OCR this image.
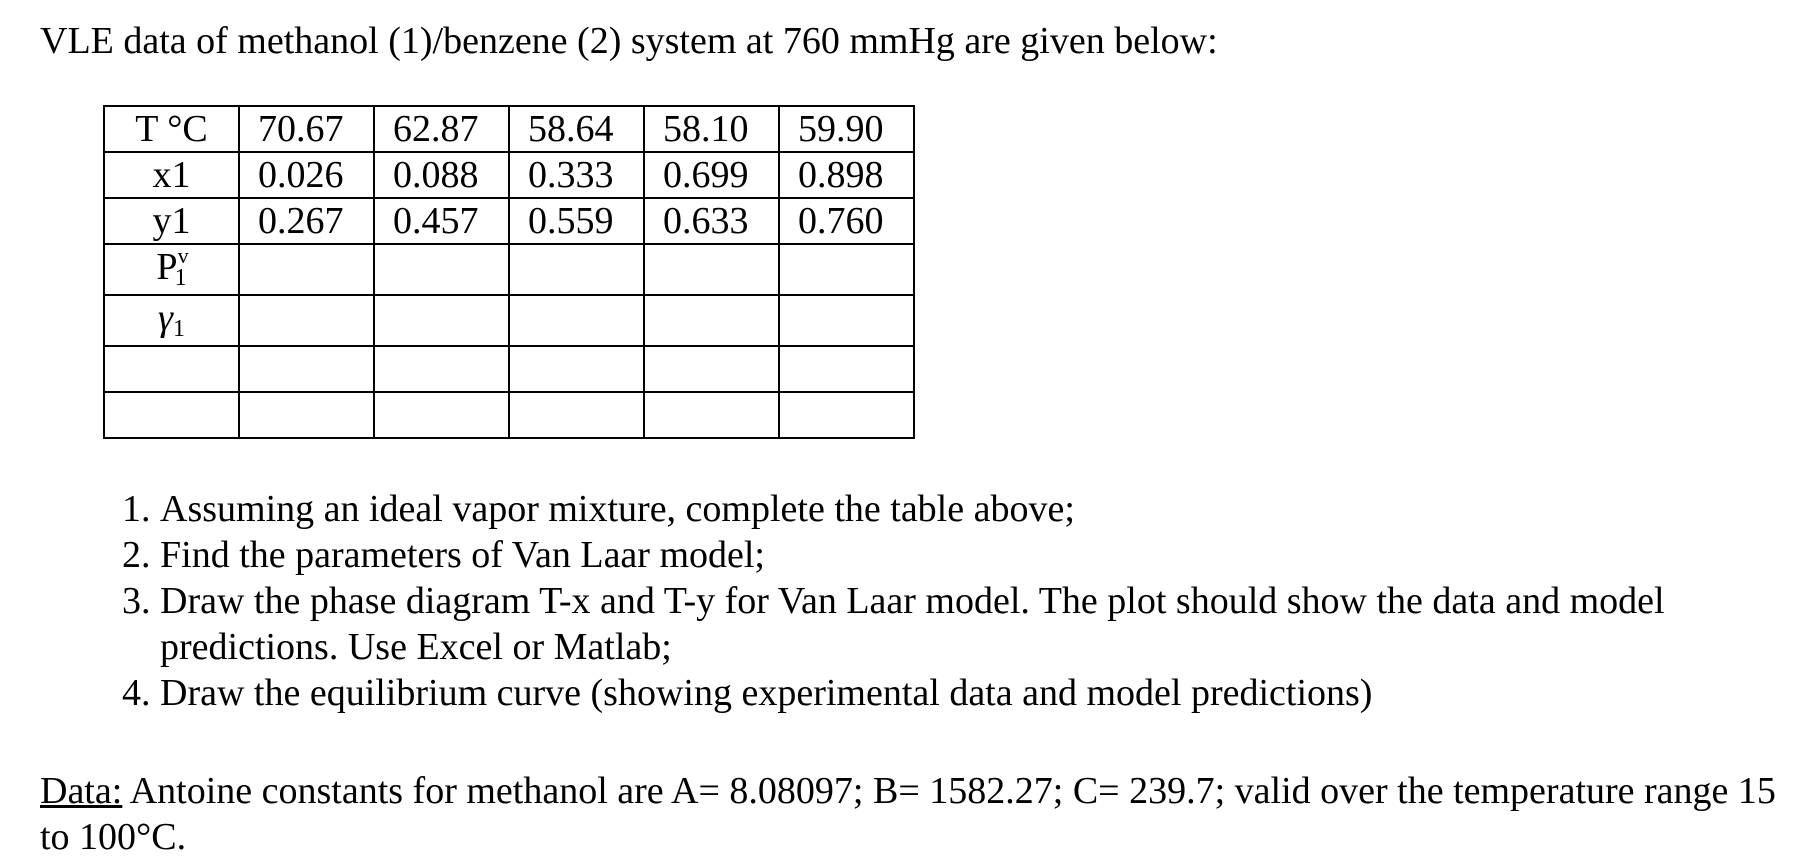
VLE data of methanol (1)/benzene (2) system at 760 mmHg are given below:
T °C	70.67	62.87	58.64	58.10	59.90
x1	0.026	0.088	0.333	0.699	0.898
y1	0.267	0.457	0.559	0.633	0.760
$P^v1$					
γ1					

1. Assuming an ideal vapor mixture, complete the table above;
2. Find the parameters of Van Laar model;
3. Draw the phase diagram T-x and T-y for Van Laar model. The plot should show the data and model predictions. Use Excel or Matlab;
4. Draw the equilibrium curve (showing experimental data and model predictions)
Data: Antoine constants for methanol are A= 8.08097; B= 1582.27; C= 239.7; valid over the temperature range 15 to 100°C.
